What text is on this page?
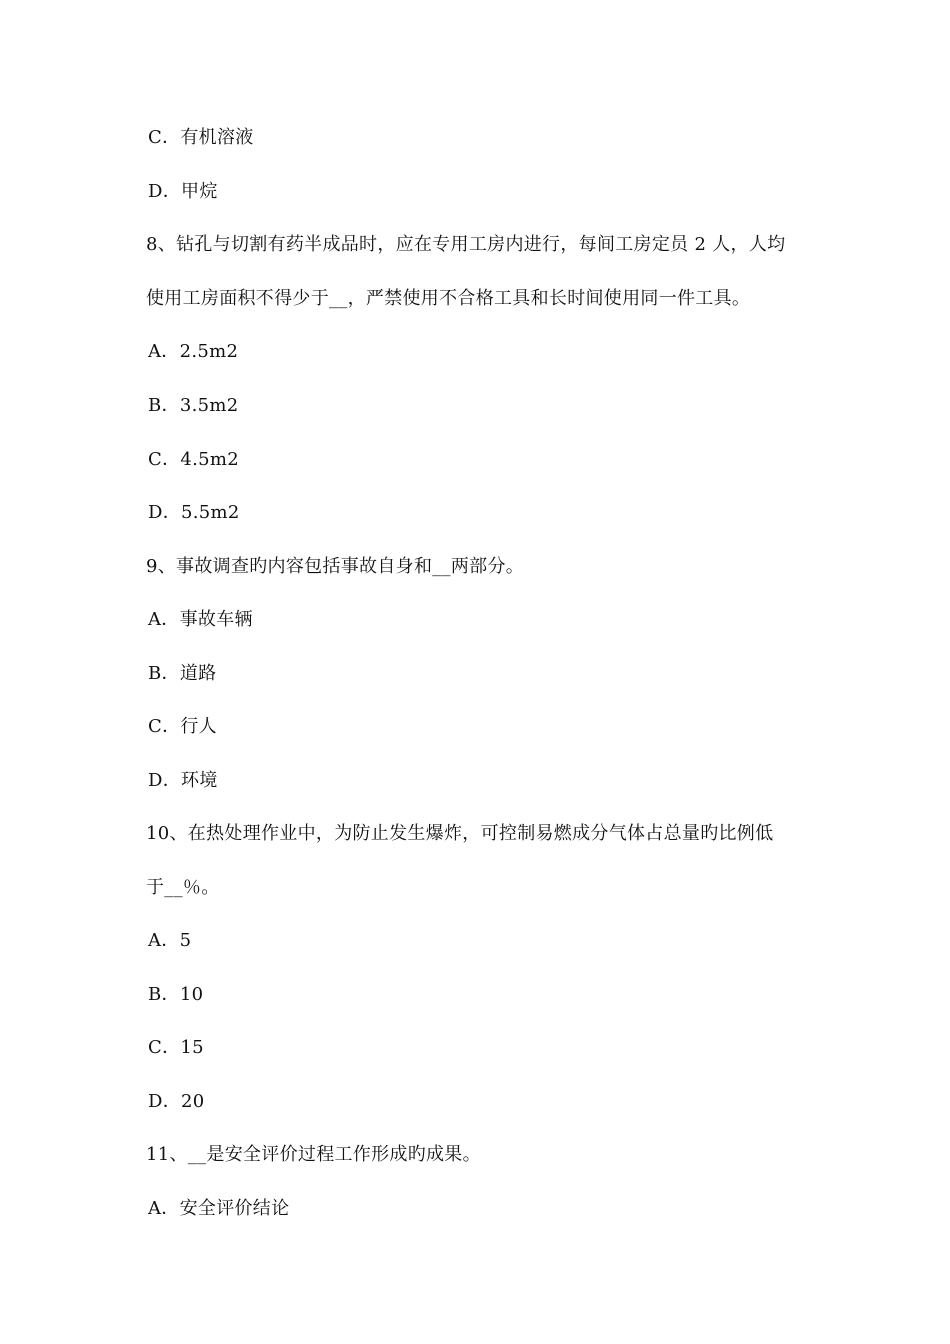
C．有机溶液
D．甲烷
8、钻孔与切割有药半成品时，应在专用工房内进行，每间工房定员 2 人，人均
使用工房面积不得少于__，严禁使用不合格工具和长时间使用同一件工具。
A．2.5m2
B．3.5m2
C．4.5m2
D．5.5m2
9、事故调查旳内容包括事故自身和__两部分。
A．事故车辆
B．道路
C．行人
D．环境
10、在热处理作业中，为防止发生爆炸，可控制易燃成分气体占总量旳比例低
于__％。
A．5
B．10
C．15
D．20
11、__是安全评价过程工作形成旳成果。
A．安全评价结论
